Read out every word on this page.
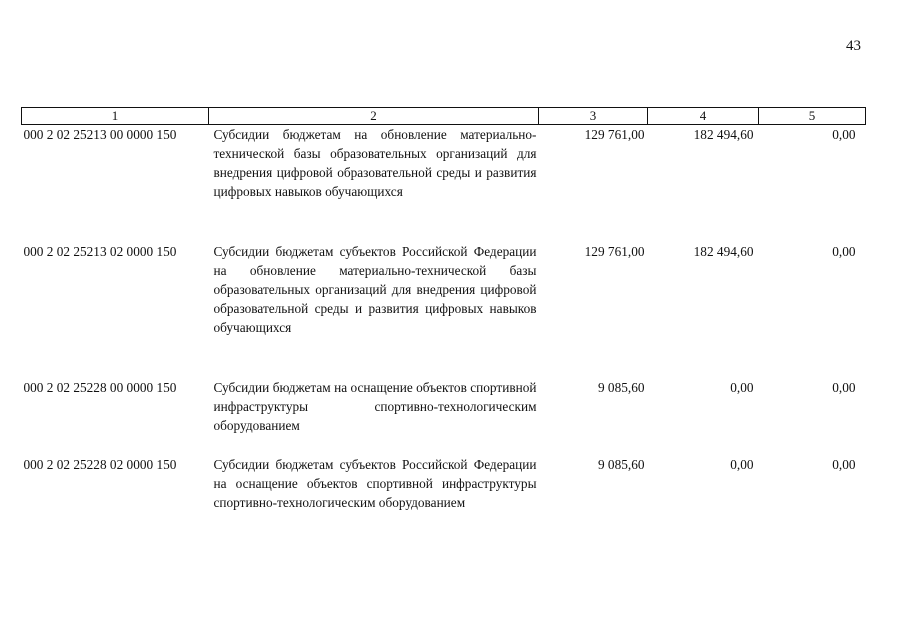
43
1	2	3	4	5
000 2 02 25213 00 0000 150	Субсидии бюджетам на обновление материально-технической базы образовательных организаций для внедрения цифровой образовательной среды и развития цифровых навыков обучающихся	129 761,00	182 494,60	0,00
000 2 02 25213 02 0000 150	Субсидии бюджетам субъектов Российской Федерации на обновление материально-технической базы образовательных организаций для внедрения цифровой образовательной среды и развития цифровых навыков обучающихся	129 761,00	182 494,60	0,00
000 2 02 25228 00 0000 150	Субсидии бюджетам на оснащение объектов спортивной инфраструктуры спортивно-технологическим оборудованием	9 085,60	0,00	0,00
000 2 02 25228 02 0000 150	Субсидии бюджетам субъектов Российской Федерации на оснащение объектов спортивной инфраструктуры спортивно-технологическим оборудованием	9 085,60	0,00	0,00
